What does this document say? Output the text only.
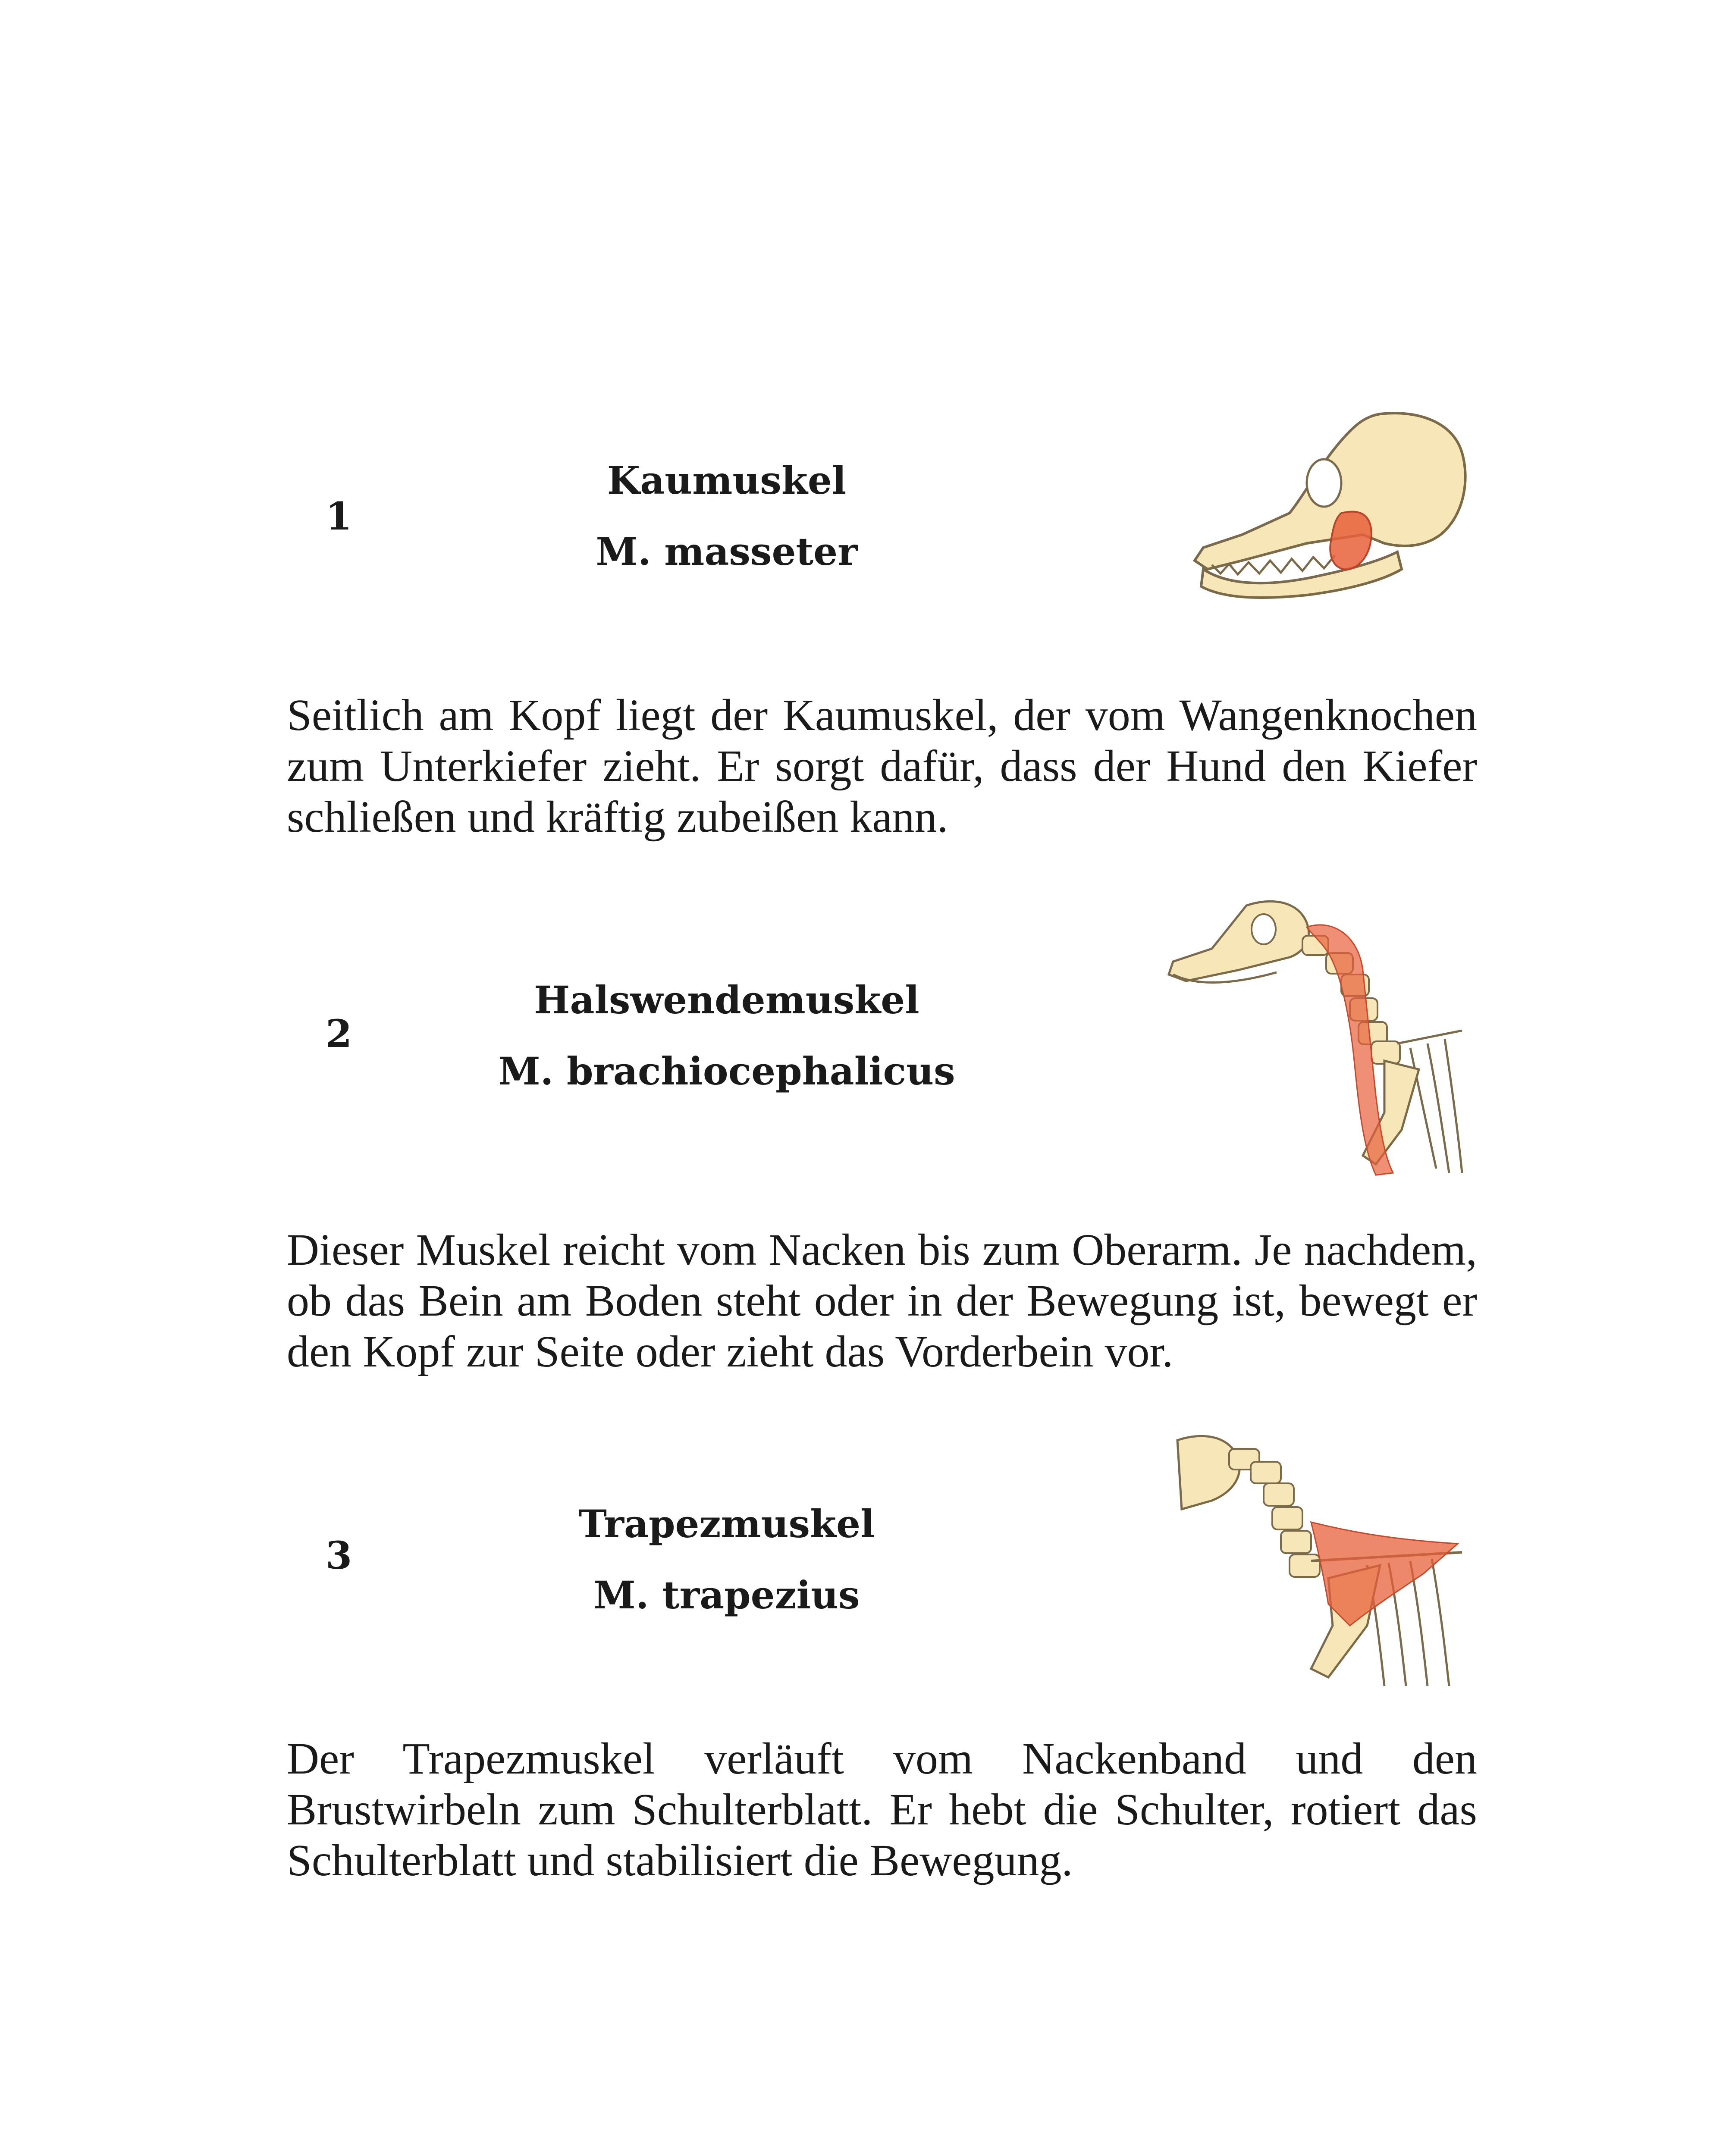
1
Kaumuskel
M. masseter
Seitlich am Kopf liegt der Kaumuskel, der vom Wangenknochen zum Unterkiefer zieht. Er sorgt dafür, dass der Hund den Kiefer schließen und kräftig zubeißen kann.
2
Halswendemuskel
M. brachiocephalicus
Dieser Muskel reicht vom Nacken bis zum Oberarm. Je nachdem, ob das Bein am Boden steht oder in der Bewegung ist, bewegt er den Kopf zur Seite oder zieht das Vorderbein vor.
3
Trapezmuskel
M. trapezius
Der Trapezmuskel verläuft vom Nackenband und den Brustwirbeln zum Schulterblatt. Er hebt die Schulter, rotiert das Schulterblatt und stabilisiert die Bewegung.
